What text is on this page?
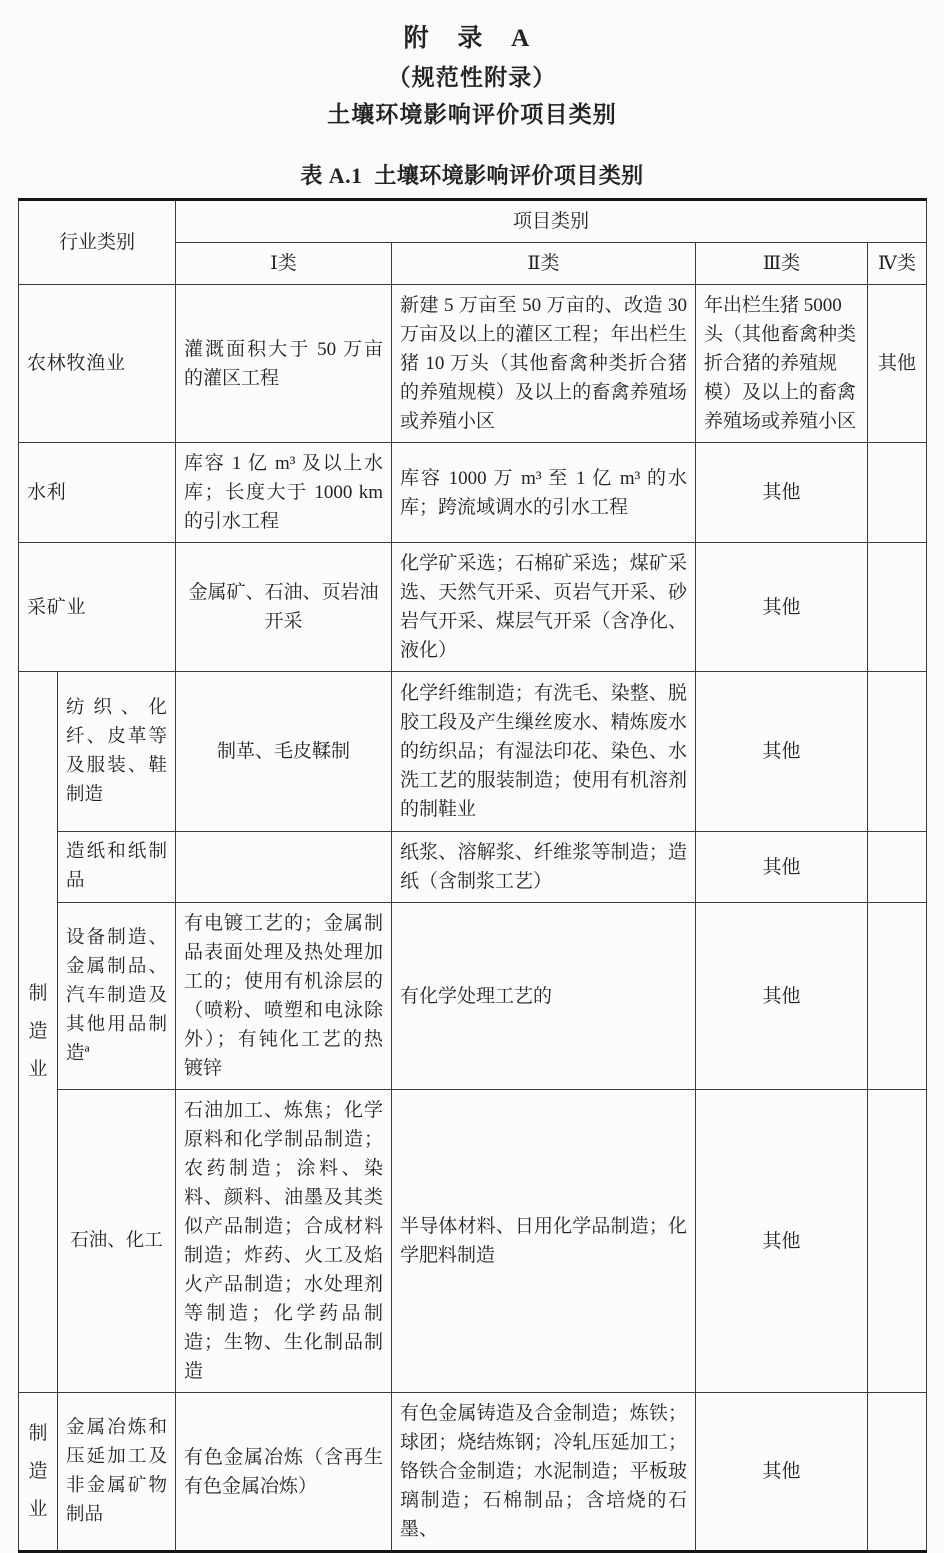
附 录 A
（规范性附录）
土壤环境影响评价项目类别
表 A.1  土壤环境影响评价项目类别
行业类别		项目类别			
		Ⅰ类	Ⅱ类	Ⅲ类	Ⅳ类
农林牧渔业		灌溉面积大于 50 万亩的灌区工程	新建 5 万亩至 50 万亩的、改造 30 万亩及以上的灌区工程；年出栏生猪 10 万头（其他畜禽种类折合猪的养殖规模）及以上的畜禽养殖场或养殖小区	年出栏生猪 5000 头（其他畜禽种类折合猪的养殖规模）及以上的畜禽养殖场或养殖小区	其他
水利		库容 1 亿 m³ 及以上水库；长度大于 1000 km 的引水工程	库容 1000 万 m³ 至 1 亿 m³ 的水库；跨流域调水的引水工程	其他	
采矿业		金属矿、石油、页岩油开采	化学矿采选；石棉矿采选；煤矿采选、天然气开采、页岩气开采、砂岩气开采、煤层气开采（含净化、液化）	其他	

制造业	纺织、化纤、皮革等及服装、鞋制造	制革、毛皮鞣制	化学纤维制造；有洗毛、染整、脱胶工段及产生缫丝废水、精炼废水的纺织品；有湿法印花、染色、水洗工艺的服装制造；使用有机溶剂的制鞋业	其他	
	造纸和纸制品		纸浆、溶解浆、纤维浆等制造；造纸（含制浆工艺）	其他	
	设备制造、金属制品、汽车制造及其他用品制造ª	有电镀工艺的；金属制品表面处理及热处理加工的；使用有机涂层的（喷粉、喷塑和电泳除外）；有钝化工艺的热镀锌	有化学处理工艺的	其他	
	石油、化工	石油加工、炼焦；化学原料和化学制品制造；农药制造；涂料、染料、颜料、油墨及其类似产品制造；合成材料制造；炸药、火工及焰火产品制造；水处理剂等制造；化学药品制造；生物、生化制品制造	半导体材料、日用化学品制造；化学肥料制造	其他	

制造业	金属冶炼和压延加工及非金属矿物制品	有色金属冶炼（含再生有色金属冶炼）	有色金属铸造及合金制造；炼铁；球团；烧结炼钢；冷轧压延加工；铬铁合金制造；水泥制造；平板玻璃制造；石棉制品；含培烧的石墨、	其他	
